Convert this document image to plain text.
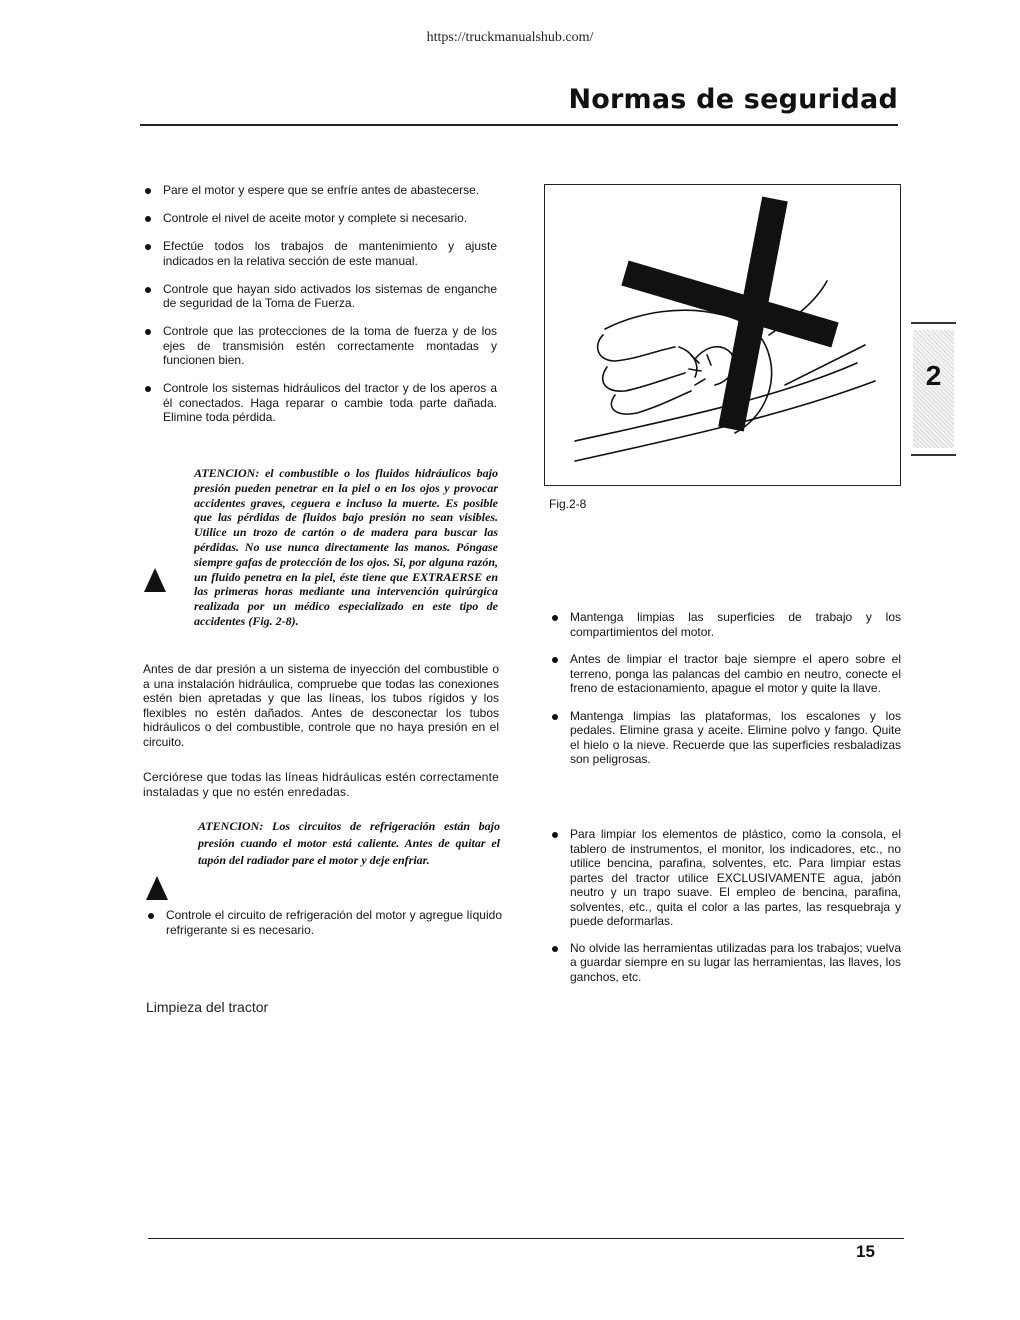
https://truckmanualshub.com/
Normas de seguridad
Pare el motor y espere que se enfríe antes de abastecerse.
Controle el nivel de aceite motor y complete si necesario.
Efectúe todos los trabajos de mantenimiento y ajuste indicados en la relativa sección de este manual.
Controle que hayan sido activados los sistemas de enganche de seguridad de la Toma de Fuerza.
Controle que las protecciones de la toma de fuerza y de los ejes de transmisión estén correctamente montadas y funcionen bien.
Controle los sistemas hidráulicos del tractor y de los aperos a él conectados. Haga reparar o cambie toda parte dañada. Elimine toda pérdida.
ATENCION: el combustible o los fluidos hidráulicos bajo presión pueden penetrar en la piel o en los ojos y provocar accidentes graves, ceguera e incluso la muerte. Es posible que las pérdidas de fluidos bajo presión no sean visibles. Utilice un trozo de cartón o de madera para buscar las pérdidas. No use nunca directamente las manos. Póngase siempre gafas de protección de los ojos. Si, por alguna razón, un fluido penetra en la piel, éste tiene que EXTRAERSE en las primeras horas mediante una intervención quirúrgica realizada por un médico especializado en este tipo de accidentes (Fig. 2-8).
Antes de dar presión a un sistema de inyección del combustible o a una instalación hidráulica, compruebe que todas las conexiones estén bien apretadas y que las líneas, los tubos rígidos y los flexibles no estén dañados. Antes de desconectar los tubos hidráulicos o del combustible, controle que no haya presión en el circuito.
Cerciórese que todas las líneas hidráulicas estén correctamente instaladas y que no estén enredadas.
ATENCION: Los circuitos de refrigeración están bajo presión cuando el motor está caliente. Antes de quitar el tapón del radiador pare el motor y deje enfriar.
Controle el circuito de refrigeración del motor y agregue líquido refrigerante si es necesario.
Limpieza del tractor
Fig.2-8
Mantenga limpias las superficies de trabajo y los compartimientos del motor.
Antes de limpiar el tractor baje siempre el apero sobre el terreno, ponga las palancas del cambio en neutro, conecte el freno de estacionamiento, apague el motor y quite la llave.
Mantenga limpias las plataformas, los escalones y los pedales. Elimine grasa y aceite. Elimine polvo y fango. Quite el hielo o la nieve. Recuerde que las superficies resbaladizas son peligrosas.
Para limpiar los elementos de plástico, como la consola, el tablero de instrumentos, el monitor, los indicadores, etc., no utilice bencina, parafina, solventes, etc. Para limpiar estas partes del tractor utilice EXCLUSIVAMENTE agua, jabón neutro y un trapo suave. El empleo de bencina, parafina, solventes, etc., quita el color a las partes, las resquebraja y puede deformarlas.
No olvide las herramientas utilizadas para los trabajos; vuelva a guardar siempre en su lugar las herramientas, las llaves, los ganchos, etc.
2
15
